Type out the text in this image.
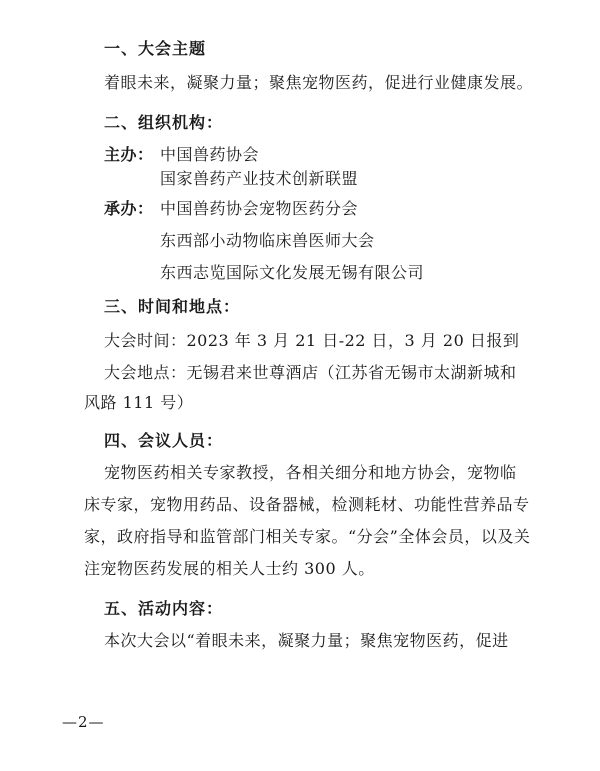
一、大会主题
着眼未来，凝聚力量；聚焦宠物医药，促进行业健康发展。
二、组织机构：
主办： 中国兽药协会
国家兽药产业技术创新联盟
承办： 中国兽药协会宠物医药分会
东西部小动物临床兽医师大会
东西志览国际文化发展无锡有限公司
三、时间和地点：
大会时间：2023 年 3 月 21 日-22 日，3 月 20 日报到
大会地点：无锡君来世尊酒店（江苏省无锡市太湖新城和
风路 111 号）
四、会议人员：
宠物医药相关专家教授，各相关细分和地方协会，宠物临
床专家，宠物用药品、设备器械，检测耗材、功能性营养品专
家，政府指导和监管部门相关专家。“分会”全体会员，以及关
注宠物医药发展的相关人士约 300 人。
五、活动内容：
本次大会以“着眼未来，凝聚力量；聚焦宠物医药，促进
—2—
